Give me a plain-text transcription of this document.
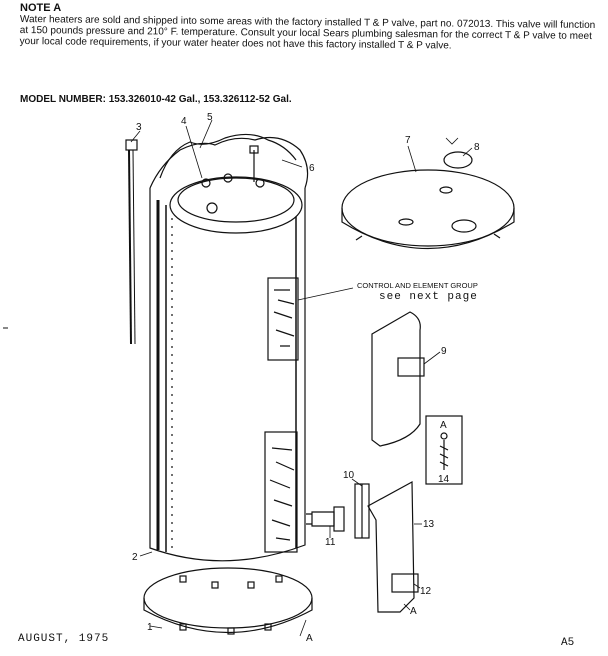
NOTE A
Water heaters are sold and shipped into some areas with the factory installed T & P valve, part no. 072013. This valve will function at 150 pounds pressure and 210° F. temperature. Consult your local Sears plumbing salesman for the correct T & P valve to meet your local code requirements, if your water heater does not have this factory installed T & P valve.
MODEL NUMBER: 153.326010-42 Gal., 153.326112-52 Gal.
1
2
3
4 5
6
7
8
9
10
11
12
13
14
A
A
A
CONTROL AND ELEMENT GROUP
see next page
AUGUST, 1975	A5
